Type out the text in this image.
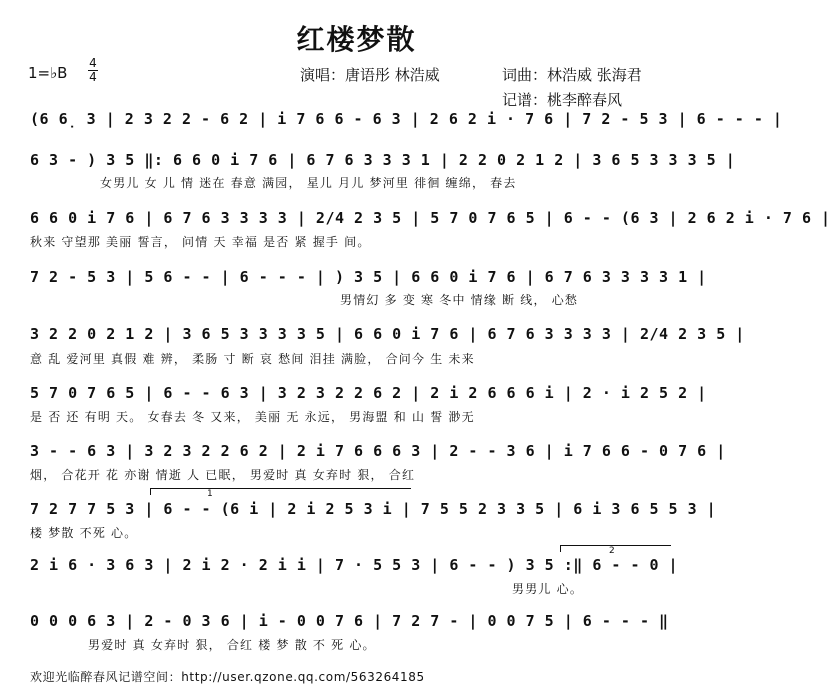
红楼梦散
1=♭B
4
4	演唱：唐语彤 林浩威	词曲：林浩威 张海君
记谱：桃李醉春风
(6 6̣ 3 | 2 3 2 2 - 6 2 | i 7 6 6 - 6 3 | 2 6 2 i · 7 6 | 7 2 - 5 3 | 6 - - - |
6 3 - ) 3 5 ‖: 6 6 0 i 7 6 | 6 7 6 3 3 3 1 | 2 2 0 2 1 2 | 3 6 5 3 3 3 5 |
女男儿 女 儿 情 迷在 春意 满园， 星儿 月儿 梦河里 徘徊 缠绵， 春去
6 6 0 i 7 6 | 6 7 6 3 3 3 3 | 2/4 2 3 5 | 5 7 0 7 6 5 | 6 - - (6 3 | 2 6 2 i · 7 6 |
秋来 守望那 美丽 誓言， 问情 天 幸福 是否 紧 握手 间。
7 2 - 5 3 | 5 6 - - | 6 - - - | ) 3 5 | 6 6 0 i 7 6 | 6 7 6 3 3 3 3 1 |
男情幻 多 变 寒 冬中 情缘 断 线， 心愁
3 2 2 0 2 1 2 | 3 6 5 3 3 3 3 5 | 6 6 0 i 7 6 | 6 7 6 3 3 3 3 | 2/4 2 3 5 |
意 乱 爱河里 真假 难 辨， 柔肠 寸 断 哀 愁间 泪挂 满脸， 合问今 生 未来
5 7 0 7 6 5 | 6 - - 6 3 | 3 2 3 2 2 6 2 | 2 i 2 6 6 6 i | 2 · i 2 5 2 |
是 否 还 有明 天。 女春去 冬 又来， 美丽 无 永远， 男海盟 和 山 誓 渺无
3 - - 6 3 | 3 2 3 2 2 6 2 | 2 i 7 6 6 6 3 | 2 - - 3 6 | i 7 6 6 - 0 7 6 |
烟， 合花开 花 亦谢 情逝 人 已眠， 男爱时 真 女弃时 狠， 合红
1
7 2 7 7 5 3 | 6 - - (6 i | 2 i 2 5 3 i | 7 5 5 2 3 3 5 | 6 i 3 6 5 5 3 |
楼 梦散 不死 心。
2
2 i 6 · 3 6 3 | 2 i 2 · 2 i i | 7 · 5 5 3 | 6 - - ) 3 5 :‖ 6 - - 0 |
男男儿 心。
0 0 0 6 3 | 2 - 0 3 6 | i - 0 0 7 6 | 7 2 7 - | 0 0 7 5 | 6 - - - ‖
男爱时 真 女弃时 狠， 合红 楼 梦 散 不 死 心。
欢迎光临醉春风记谱空间：http://user.qzone.qq.com/563264185
